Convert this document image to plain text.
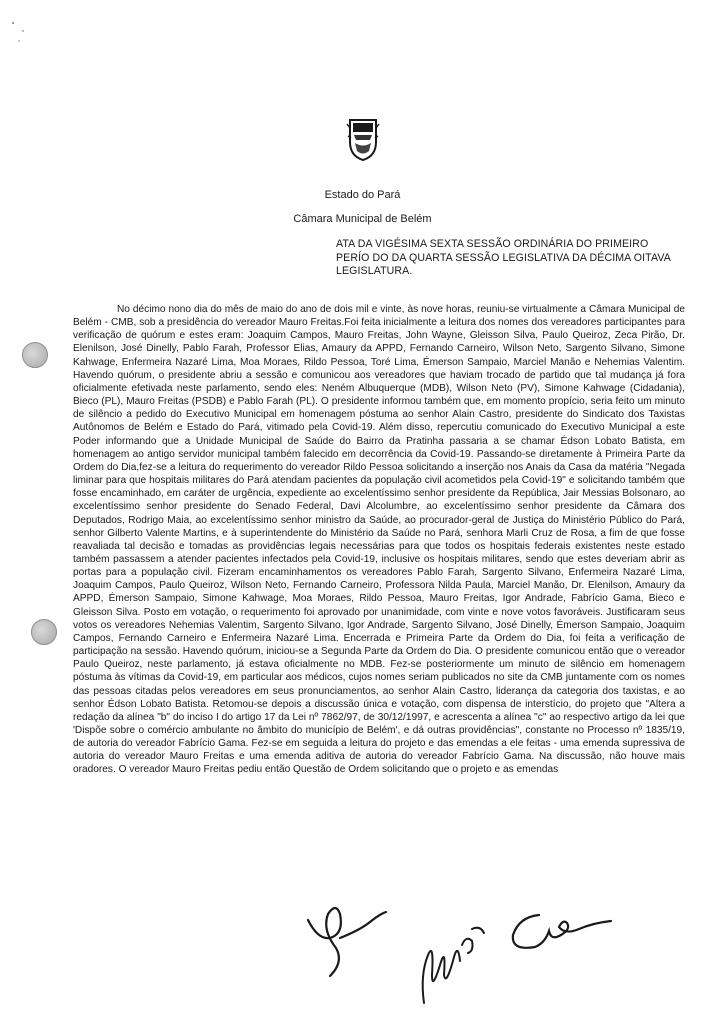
Estado do Pará
Câmara Municipal de Belém
ATA DA VIGÉSIMA SEXTA SESSÃO ORDINÁRIA DO PRIMEIRO PERÍO DO DA QUARTA SESSÃO LEGISLATIVA DA DÉCIMA OITAVA LEGISLATURA.

No décimo nono dia do mês de maio do ano de dois mil e vinte, às nove horas, reuniu-se virtualmente a Câmara Municipal de Belém - CMB, sob a presidência do vereador Mauro Freitas.Foi feita inicialmente a leitura dos nomes dos vereadores participantes para verificação de quórum e estes eram: Joaquim Campos, Mauro Freitas, John Wayne, Gleisson Silva, Paulo Queiroz, Zeca Pirão, Dr. Elenilson, José Dinelly, Pablo Farah, Professor Elias, Amaury da APPD, Fernando Carneiro, Wilson Neto, Sargento Silvano, Simone Kahwage, Enfermeira Nazaré Lima, Moa Moraes, Rildo Pessoa, Toré Lima, Émerson Sampaio, Marciel Manão e Nehemias Valentim. Havendo quórum, o presidente abriu a sessão e comunicou aos vereadores que haviam trocado de partido que tal mudança já fora oficialmente efetivada neste parlamento, sendo eles: Neném Albuquerque (MDB), Wilson Neto (PV), Simone Kahwage (Cidadania), Bieco (PL), Mauro Freitas (PSDB) e Pablo Farah (PL). O presidente informou também que, em momento propício, seria feito um minuto de silêncio a pedido do Executivo Municipal em homenagem póstuma ao senhor Alain Castro, presidente do Sindicato dos Taxistas Autônomos de Belém e Estado do Pará, vitimado pela Covid-19. Além disso, repercutiu comunicado do Executivo Municipal a este Poder informando que a Unidade Municipal de Saúde do Bairro da Pratinha passaria a se chamar Édson Lobato Batista, em homenagem ao antigo servidor municipal também falecido em decorrência da Covid-19. Passando-se diretamente à Primeira Parte da Ordem do Dia,fez-se a leitura do requerimento do vereador Rildo Pessoa solicitando a inserção nos Anais da Casa da matéria "Negada liminar para que hospitais militares do Pará atendam pacientes da população civil acometidos pela Covid-19" e solicitando também que fosse encaminhado, em caráter de urgência, expediente ao excelentíssimo senhor presidente da República, Jair Messias Bolsonaro, ao excelentíssimo senhor presidente do Senado Federal, Davi Alcolumbre, ao excelentíssimo senhor presidente da Câmara dos Deputados, Rodrigo Maia, ao excelentíssimo senhor ministro da Saúde, ao procurador-geral de Justiça do Ministério Público do Pará, senhor Gilberto Valente Martins, e à superintendente do Ministério da Saúde no Pará, senhora Marli Cruz de Rosa, a fim de que fosse reavaliada tal decisão e tomadas as providências legais necessárias para que todos os hospitais federais existentes neste estado também passassem a atender pacientes infectados pela Covid-19, inclusive os hospitais militares, sendo que estes deveriam abrir as portas para a população civil. Fizeram encaminhamentos os vereadores Pablo Farah, Sargento Silvano, Enfermeira Nazaré Lima, Joaquim Campos, Paulo Queiroz, Wilson Neto, Fernando Carneiro, Professora Nilda Paula, Marciel Manão, Dr. Elenilson, Amaury da APPD, Émerson Sampaio, Simone Kahwage, Moa Moraes, Rildo Pessoa, Mauro Freitas, Igor Andrade, Fabrício Gama, Bieco e Gleisson Silva. Posto em votação, o requerimento foi aprovado por unanimidade, com vinte e nove votos favoráveis. Justificaram seus votos os vereadores Nehemias Valentim, Sargento Silvano, Igor Andrade, Sargento Silvano, José Dinelly, Émerson Sampaio, Joaquim Campos, Fernando Carneiro e Enfermeira Nazaré Lima. Encerrada e Primeira Parte da Ordem do Dia, foi feita a verificação de participação na sessão. Havendo quórum, iniciou-se a Segunda Parte da Ordem do Dia. O presidente comunicou então que o vereador Paulo Queiroz, neste parlamento, já estava oficialmente no MDB. Fez-se posteriormente um minuto de silêncio em homenagem póstuma às vítimas da Covid-19, em particular aos médicos, cujos nomes seriam publicados no site da CMB juntamente com os nomes das pessoas citadas pelos vereadores em seus pronunciamentos, ao senhor Alain Castro, liderança da categoria dos taxistas, e ao senhor Édson Lobato Batista. Retomou-se depois a discussão única e votação, com dispensa de interstício, do projeto que "Altera a redação da alínea "b" do inciso I do artigo 17 da Lei nº 7862/97, de 30/12/1997, e acrescenta a alínea "c" ao respectivo artigo da lei que 'Dispõe sobre o comércio ambulante no âmbito do município de Belém', e dá outras providências", constante no Processo nº 1835/19, de autoria do vereador Fabrício Gama. Fez-se em seguida a leitura do projeto e das emendas a ele feitas - uma emenda supressiva de autoria do vereador Mauro Freitas e uma emenda aditiva de autoria do vereador Fabrício Gama. Na discussão, não houve mais oradores. O vereador Mauro Freitas pediu então Questão de Ordem solicitando que o projeto e as emendas
